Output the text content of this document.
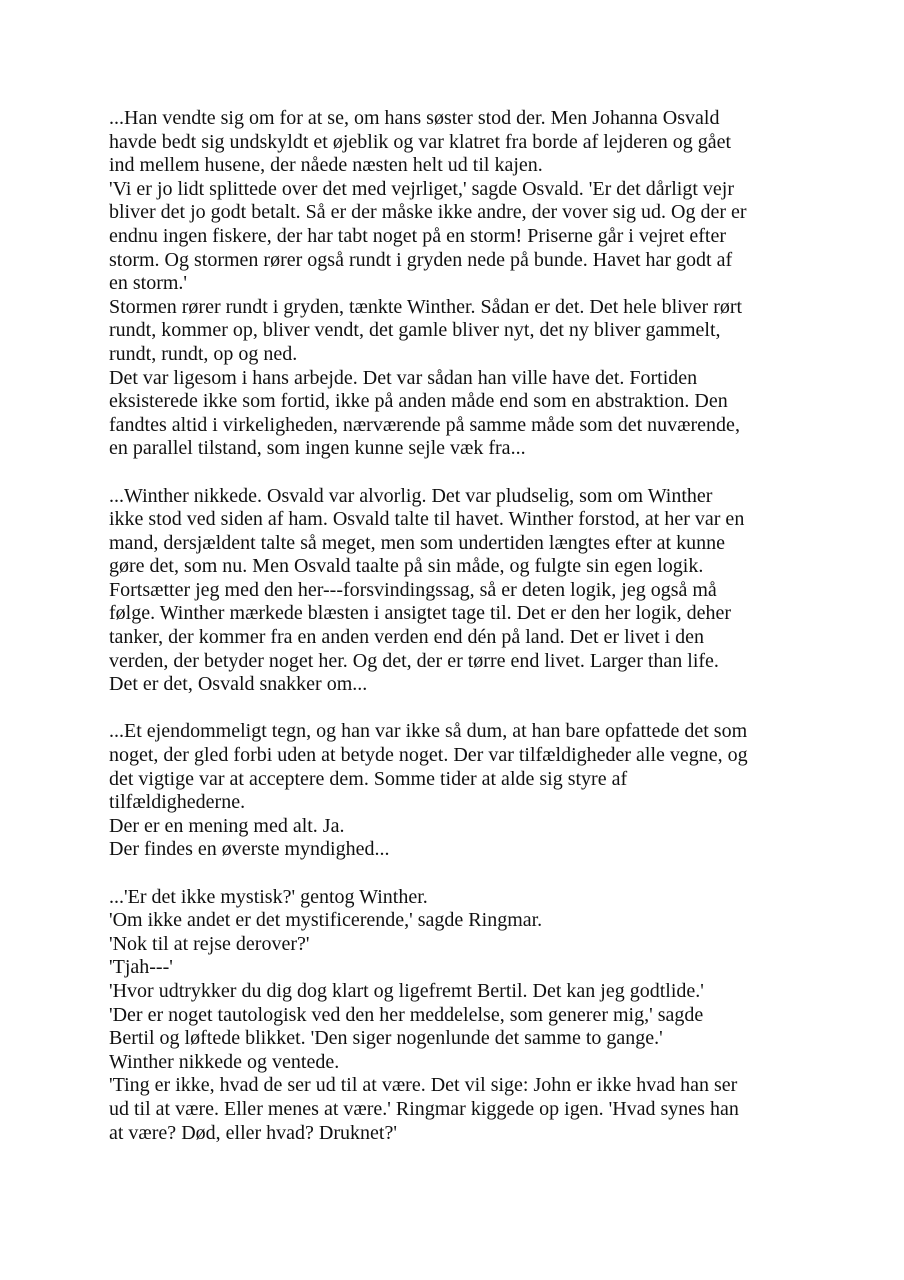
...Han vendte sig om for at se, om hans søster stod der. Men Johanna Osvald
havde bedt sig undskyldt et øjeblik og var klatret fra borde af lejderen og gået
ind mellem husene, der nåede næsten helt ud til kajen.
'Vi er jo lidt splittede over det med vejrliget,' sagde Osvald. 'Er det dårligt vejr
bliver det jo godt betalt. Så er der måske ikke andre, der vover sig ud. Og der er
endnu ingen fiskere, der har tabt noget på en storm! Priserne går i vejret efter
storm. Og stormen rører også rundt i gryden nede på bunde. Havet har godt af
en storm.'
Stormen rører rundt i gryden, tænkte Winther. Sådan er det. Det hele bliver rørt
rundt, kommer op, bliver vendt, det gamle bliver nyt, det ny bliver gammelt,
rundt, rundt, op og ned.
Det var ligesom i hans arbejde. Det var sådan han ville have det. Fortiden
eksisterede ikke som fortid, ikke på anden måde end som en abstraktion. Den
fandtes altid i virkeligheden, nærværende på samme måde som det nuværende,
en parallel tilstand, som ingen kunne sejle væk fra...
...Winther nikkede. Osvald var alvorlig. Det var pludselig, som om Winther
ikke stod ved siden af ham. Osvald talte til havet. Winther forstod, at her var en
mand, dersjældent talte så meget, men som undertiden længtes efter at kunne
gøre det, som nu. Men Osvald taalte på sin måde, og fulgte sin egen logik.
Fortsætter jeg med den her---forsvindingssag, så er deten logik, jeg også må
følge. Winther mærkede blæsten i ansigtet tage til. Det er den her logik, deher
tanker, der kommer fra en anden verden end dén på land. Det er livet i den
verden, der betyder noget her. Og det, der er tørre end livet. Larger than life.
Det er det, Osvald snakker om...
...Et ejendommeligt tegn, og han var ikke så dum, at han bare opfattede det som
noget, der gled forbi uden at betyde noget. Der var tilfældigheder alle vegne, og
det vigtige var at acceptere dem. Somme tider at alde sig styre af
tilfældighederne.
Der er en mening med alt. Ja.
Der findes en øverste myndighed...
...'Er det ikke mystisk?' gentog Winther.
'Om ikke andet er det mystificerende,' sagde Ringmar.
'Nok til at rejse derover?'
'Tjah---'
'Hvor udtrykker du dig dog klart og ligefremt Bertil. Det kan jeg godtlide.'
'Der er noget tautologisk ved den her meddelelse, som generer mig,' sagde
Bertil og løftede blikket. 'Den siger nogenlunde det samme to gange.'
Winther nikkede og ventede.
'Ting er ikke, hvad de ser ud til at være. Det vil sige: John er ikke hvad han ser
ud til at være. Eller menes at være.' Ringmar kiggede op igen. 'Hvad synes han
at være? Død, eller hvad? Druknet?'
